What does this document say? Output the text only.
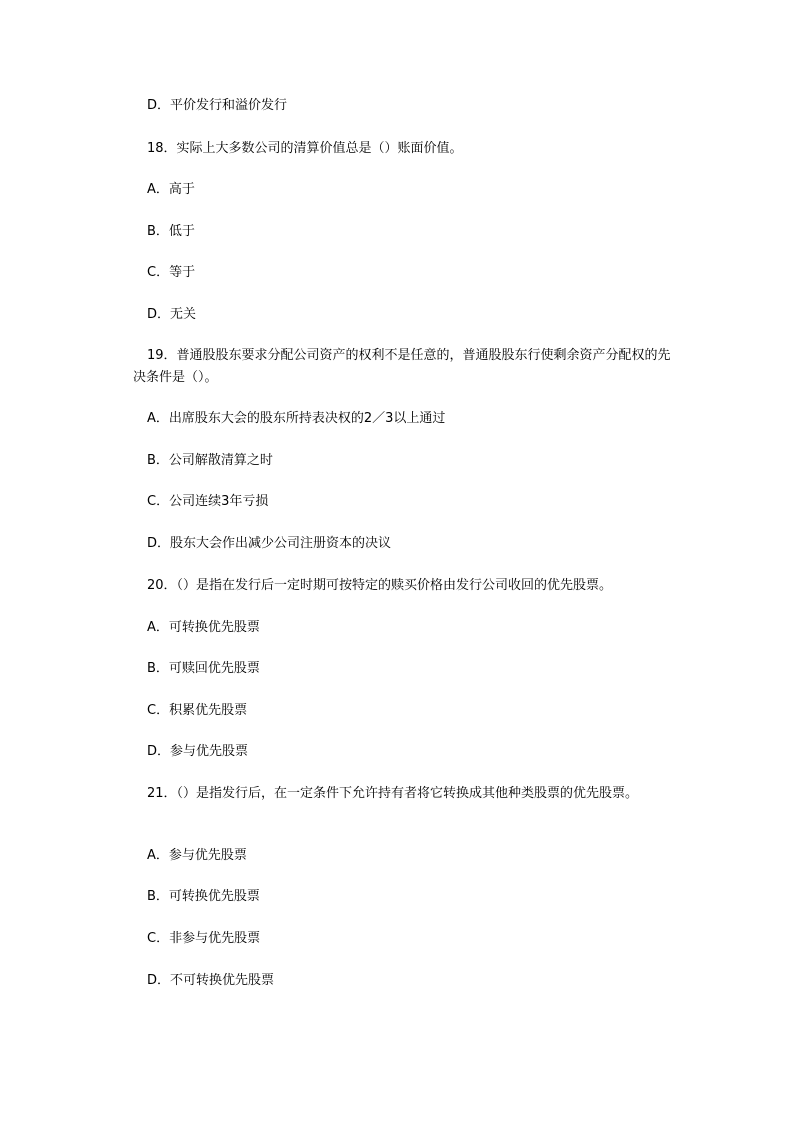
D．平价发行和溢价发行
18．实际上大多数公司的清算价值总是（）账面价值。
A．高于
B．低于
C．等于
D．无关
19．普通股股东要求分配公司资产的权利不是任意的，普通股股东行使剩余资产分配权的先决条件是（）。
A．出席股东大会的股东所持表决权的2／3以上通过
B．公司解散清算之时
C．公司连续3年亏损
D．股东大会作出减少公司注册资本的决议
20．（）是指在发行后一定时期可按特定的赎买价格由发行公司收回的优先股票。
A．可转换优先股票
B．可赎回优先股票
C．积累优先股票
D．参与优先股票
21．（）是指发行后，在一定条件下允许持有者将它转换成其他种类股票的优先股票。
A．参与优先股票
B．可转换优先股票
C．非参与优先股票
D．不可转换优先股票
